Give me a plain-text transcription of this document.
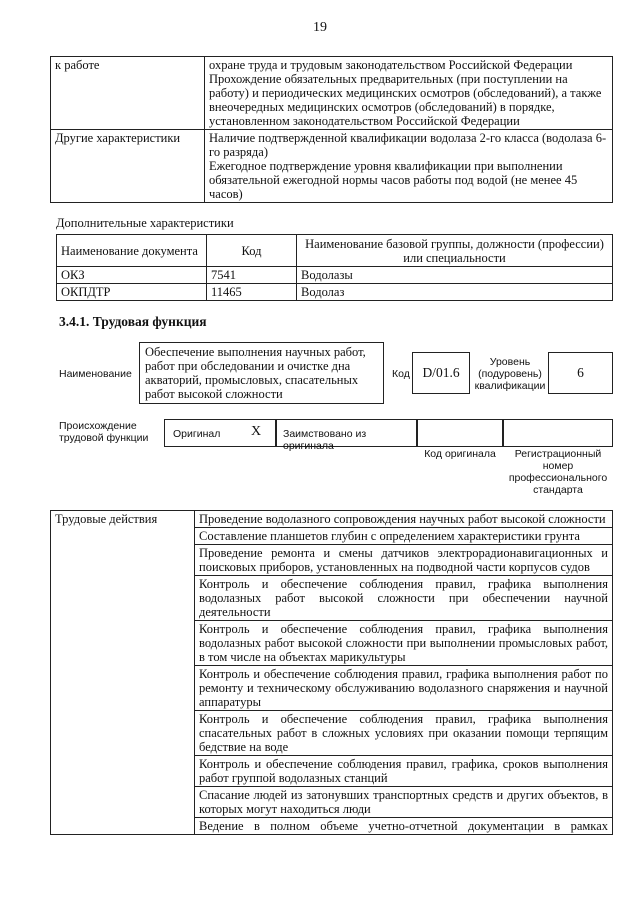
19
к работе	охране труда и трудовым законодательством Российской Федерации
Прохождение обязательных предварительных (при поступлении на работу) и периодических медицинских осмотров (обследований), а также внеочередных медицинских осмотров (обследований) в порядке, установленном законодательством Российской Федерации

Другие характеристики	Наличие подтвержденной квалификации водолаза 2-го класса (водолаза 6-го разряда)
Ежегодное подтверждение уровня квалификации при выполнении обязательной ежегодной нормы часов работы под водой (не менее 45 часов)
Дополнительные характеристики
Наименование документа	Код	Наименование базовой группы, должности (профессии) или специальности
ОКЗ	7541	Водолазы
ОКПДТР	11465	Водолаз
3.4.1. Трудовая функция
Наименование
Обеспечение выполнения научных работ, работ при обследовании и очистке дна акваторий, промысловых, спасательных работ высокой сложности
Код D/01.6
Уровень (подуровень) квалификации
6
Происхождение трудовой функции	Оригинал X Заимствовано из оригинала
Код оригинала	Регистрационный номер профессионального стандарта
Трудовые действия	Проведение водолазного сопровождения научных работ высокой сложности
Составление планшетов глубин с определением характеристики грунта
Проведение ремонта и смены датчиков электрорадионавигационных и поисковых приборов, установленных на подводной части корпусов судов
Контроль и обеспечение соблюдения правил, графика выполнения водолазных работ высокой сложности при обеспечении научной деятельности
Контроль и обеспечение соблюдения правил, графика выполнения водолазных работ высокой сложности при выполнении промысловых работ, в том числе на объектах марикультуры
Контроль и обеспечение соблюдения правил, графика выполнения работ по ремонту и техническому обслуживанию водолазного снаряжения и научной аппаратуры
Контроль и обеспечение соблюдения правил, графика выполнения спасательных работ в сложных условиях при оказании помощи терпящим бедствие на воде
Контроль и обеспечение соблюдения правил, графика, сроков выполнения работ группой водолазных станций
Спасание людей из затонувших транспортных средств и других объектов, в которых могут находиться люди
Ведение в полном объеме учетно-отчетной документации в рамках
